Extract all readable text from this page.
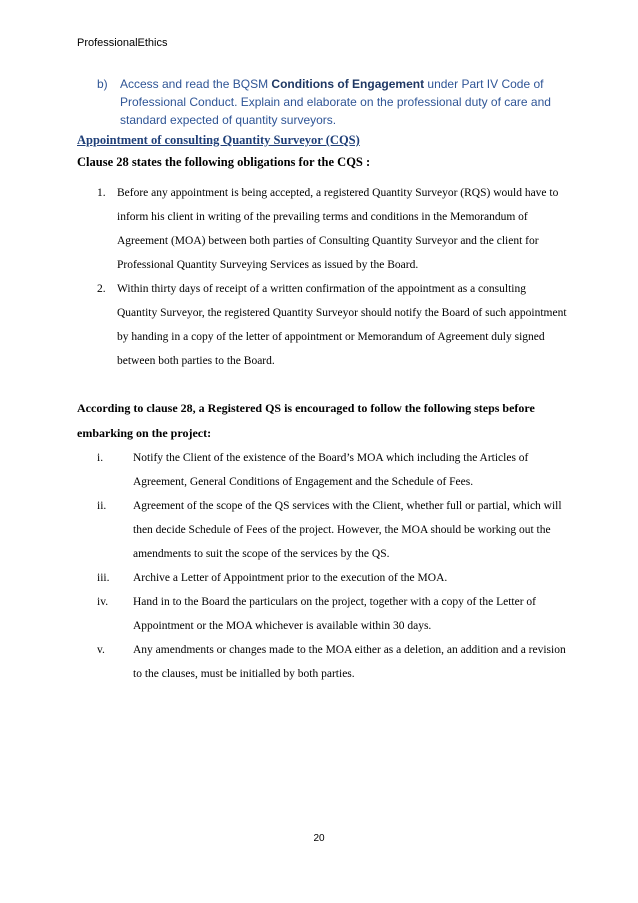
ProfessionalEthics
b) Access and read the BQSM Conditions of Engagement under Part IV Code of Professional Conduct. Explain and elaborate on the professional duty of care and standard expected of quantity surveyors.
Appointment of consulting Quantity Surveyor (CQS)
Clause 28 states the following obligations for the CQS :
1. Before any appointment is being accepted, a registered Quantity Surveyor (RQS) would have to inform his client in writing of the prevailing terms and conditions in the Memorandum of Agreement (MOA) between both parties of Consulting Quantity Surveyor and the client for Professional Quantity Surveying Services as issued by the Board.
2. Within thirty days of receipt of a written confirmation of the appointment as a consulting Quantity Surveyor, the registered Quantity Surveyor should notify the Board of such appointment by handing in a copy of the letter of appointment or Memorandum of Agreement duly signed between both parties to the Board.
According to clause 28, a Registered QS is encouraged to follow the following steps before embarking on the project:
i.	Notify the Client of the existence of the Board’s MOA which including the Articles of Agreement, General Conditions of Engagement and the Schedule of Fees.
ii. Agreement of the scope of the QS services with the Client, whether full or partial, which will then decide Schedule of Fees of the project. However, the MOA should be working out the amendments to suit the scope of the services by the QS.
iii. Archive a Letter of Appointment prior to the execution of the MOA.
iv. Hand in to the Board the particulars on the project, together with a copy of the Letter of Appointment or the MOA whichever is available within 30 days.
v. Any amendments or changes made to the MOA either as a deletion, an addition and a revision to the clauses, must be initialled by both parties.
20
